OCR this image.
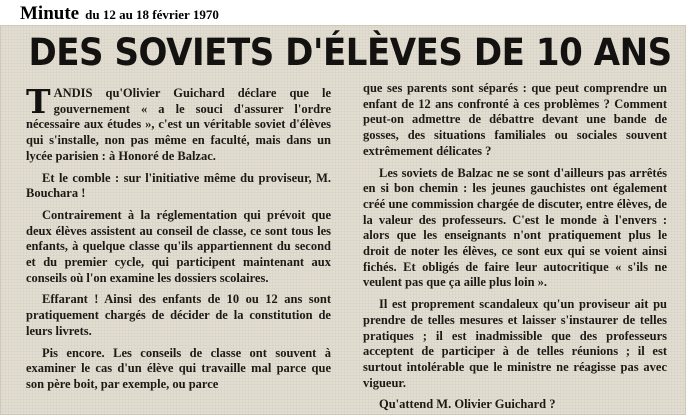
Minute du 12 au 18 février 1970
DES SOVIETS D'ÉLÈVES DE 10 ANS

TANDIS qu'Olivier Guichard déclare que le gouvernement « a le souci d'assurer l'ordre nécessaire aux études », c'est un véritable soviet d'élèves qui s'installe, non pas même en faculté, mais dans un lycée parisien : à Honoré de Balzac.

Et le comble : sur l'initiative même du proviseur, M. Bouchara !

Contrairement à la réglementation qui prévoit que deux élèves assistent au conseil de classe, ce sont tous les enfants, à quelque classe qu'ils appartiennent du second et du premier cycle, qui participent maintenant aux conseils où l'on examine les dossiers scolaires.

Effarant ! Ainsi des enfants de 10 ou 12 ans sont pratiquement chargés de décider de la constitution de leurs livrets.

Pis encore. Les conseils de classe ont souvent à examiner le cas d'un élève qui travaille mal parce que son père boit, par exemple, ou parce

que ses parents sont séparés : que peut comprendre un enfant de 12 ans confronté à ces problèmes ? Comment peut-on admettre de débattre devant une bande de gosses, des situations familiales ou sociales souvent extrêmement délicates ?

Les soviets de Balzac ne se sont d'ailleurs pas arrêtés en si bon chemin : les jeunes gauchistes ont également créé une commission chargée de discuter, entre élèves, de la valeur des professeurs. C'est le monde à l'envers : alors que les enseignants n'ont pratiquement plus le droit de noter les élèves, ce sont eux qui se voient ainsi fichés. Et obligés de faire leur autocritique « s'ils ne veulent pas que ça aille plus loin ».

Il est proprement scandaleux qu'un proviseur ait pu prendre de telles mesures et laisser s'instaurer de telles pratiques ; il est inadmissible que des professeurs acceptent de participer à de telles réunions ; il est surtout intolérable que le ministre ne réagisse pas avec vigueur.

Qu'attend M. Olivier Guichard ?
